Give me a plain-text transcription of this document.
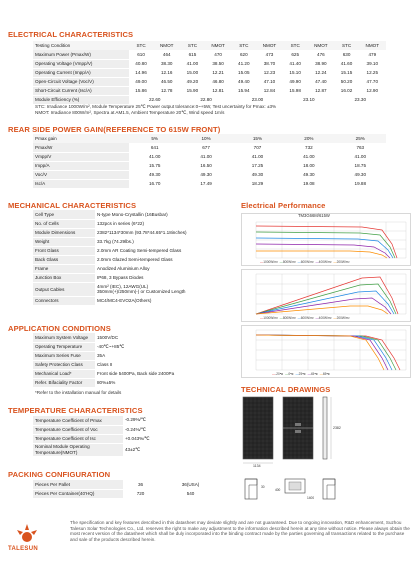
ELECTRICAL CHARACTERISTICS
Testing Condition	STC	NMOT	STC	NMOT	STC	NMOT	STC	NMOT	STC	NMOT
Maximum Power (Pmax/W)	610	464	615	470	620	473	625	476	630	479
Operating Voltage (Vmpp/V)	40.80	38.30	41.00	38.50	41.20	38.70	41.40	38.90	41.60	39.10
Operating Current (Impp/A)	14.96	12.16	15.00	12.21	15.05	12.23	15.10	12.24	15.15	12.25
Open-Circuit Voltage (Voc/V)	49.00	46.50	49.20	46.80	49.40	47.10	49.90	47.40	50.20	47.70
Short-Circuit Current (Isc/A)	15.86	12.78	15.90	12.81	15.94	12.84	15.98	12.87	16.02	12.90
Module Efficiency (%)	22.60		22.80		23.00		23.10		23.30	
STC: Irradiance 1000W/m², Module Temperature 25℃ Power output tolerance:0~+5W, Test uncertainty for Pmax: ±3%
NMOT: Irradiance 800W/m², Spectra at AM1.5, Ambient Temperature 20℃, Wind speed 1m/s
REAR SIDE POWER GAIN(REFERENCE TO 615W FRONT)
Pmax gain	5%	10%	15%	20%	25%
Pmax/W	641	677	707	732	763
Vmpp/V	41.00	41.00	41.00	41.00	41.00
Impp/A	15.75	16.50	17.25	18.00	18.75
Voc/V	49.30	49.30	49.30	49.30	49.30
Isc/A	16.70	17.49	18.29	19.08	19.88
MECHANICAL CHARACTERISTICS
Cell Type	N-type Mono-Crystallin (16Busbar)
No. of Cells	132pcs in series (6*22)
Module Dimensions	2382*1134*30mm (93.78*44.65*1.18inches)
Weight	33.7kg (74.29lbs.)
Front Glass	2.0mm AR Coating Semi-tempered Glass
Back Glass	2.0mm Glazed Semi-tempered Glass
Frame	Anodized Aluminium Alloy
Junction Box	IP68, 3 Bypass Diodes
Output Cables	4mm² (IEC), 12AWG(UL)
350mm(+)/250mm(-) or Customized Length
Connectors	MC4/MC4-EVO2A(Others)
APPLICATION CONDITIONS
Maximum System Voltage	1500V/DC
Operating Temperature	-40℃~+85℃
Maximum Series Fuse	35A
Safety Protection Class	Class II
Mechanical Load*	Front side 5400Pa, Back side 2400Pa
Refer. Bifaciality Factor	80%±5%
*Refer to the installation manual for details
TEMPERATURE CHARACTERISTICS
Temperature Coefficient of Pmax	-0.29%/℃
Temperature Coefficient of Voc	-0.24%/℃
Temperature Coefficient of Isc	+0.043%/℃
Nominal Module Operating Temperature(NMOT)	43±2℃
PACKING CONFIGURATION
Pieces Per Pallet	36	36(USA)
Pieces Per Container(40'HQ)	720	540
Electrical Performance
TM3G66M/615W
—1000W/m² —800W/m² —600W/m² —400W/m² —200W/m²
—1000W/m² —800W/m² —600W/m² —400W/m² —200W/m²
—-20℃ —0℃ —25℃ —45℃ —65℃
TECHNICAL DRAWINGS
2382
1134
30
400
1400
TALESUN
The specification and key features described in this datasheet may deviate slightly and are not guaranteed. Due to ongoing innovation, R&D enhancement, Suzhou Talesun Solar Technologies Co., Ltd. reserves the right to make any adjustment to the information described herein at any time without notice. Please always obtain the most recent version of the datasheet which shall be duly incorporated into the binding contract made by the parties governing all transactions related to the purchase and sale of the products described herein.
